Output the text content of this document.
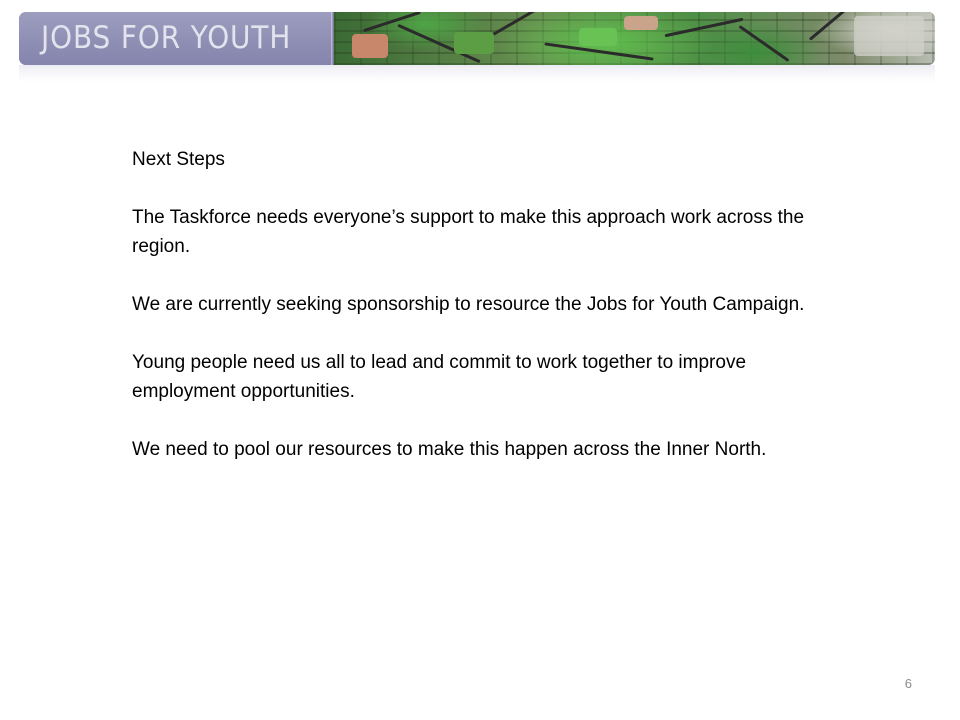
JOBS FOR YOUTH

Next Steps

The Taskforce needs everyone’s support to make this approach work across the region.

We are currently seeking sponsorship to resource the Jobs for Youth Campaign.

Young people need us all to lead and commit to work together to improve employment opportunities.

We need to pool our resources to make this happen across the Inner North.

6
